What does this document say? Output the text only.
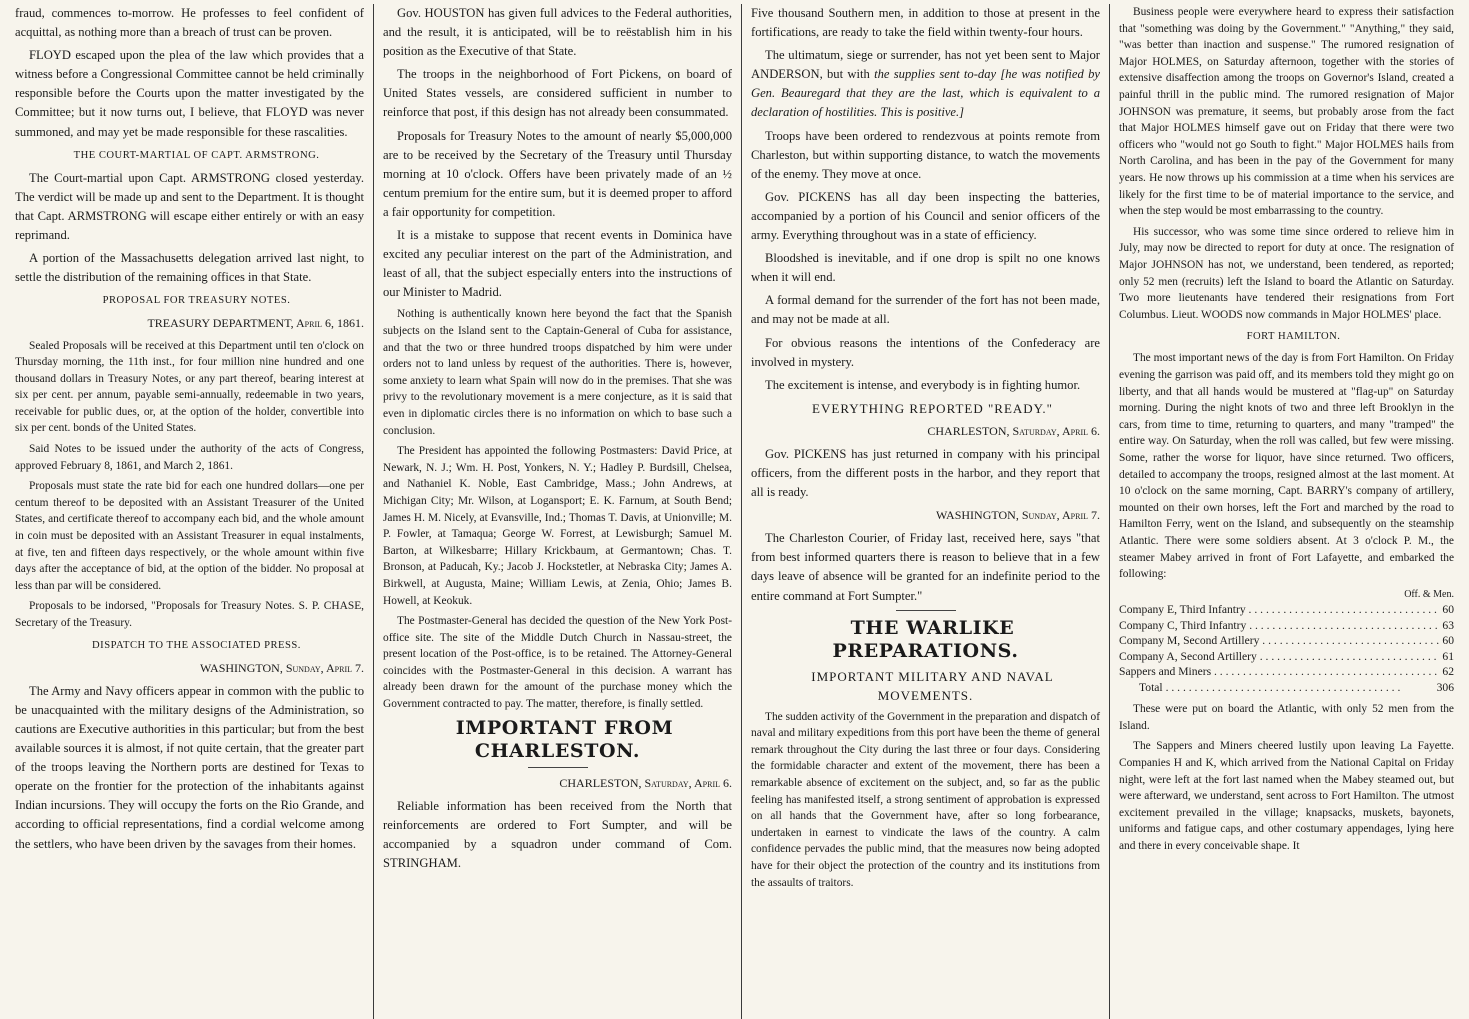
fraud, commences to-morrow. He professes to feel confident of acquittal, as nothing more than a breach of trust can be proven.

FLOYD escaped upon the plea of the law which provides that a witness before a Congressional Committee cannot be held criminally responsible before the Courts upon the matter investigated by the Committee; but it now turns out, I believe, that FLOYD was never summoned, and may yet be made responsible for these rascalities.

THE COURT-MARTIAL OF CAPT. ARMSTRONG.

The Court-martial upon Capt. ARMSTRONG closed yesterday. The verdict will be made up and sent to the Department. It is thought that Capt. ARMSTRONG will escape either entirely or with an easy reprimand.

A portion of the Massachusetts delegation arrived last night, to settle the distribution of the remaining offices in that State.

PROPOSAL FOR TREASURY NOTES.

TREASURY DEPARTMENT, April 6, 1861.

Sealed Proposals will be received at this Department until ten o'clock on Thursday morning, the 11th inst., for four million nine hundred and one thousand dollars in Treasury Notes, or any part thereof, bearing interest at six per cent. per annum, payable semi-annually, redeemable in two years, receivable for public dues, or, at the option of the holder, convertible into six per cent. bonds of the United States.

Said Notes to be issued under the authority of the acts of Congress, approved February 8, 1861, and March 2, 1861.

Proposals must state the rate bid for each one hundred dollars—one per centum thereof to be deposited with an Assistant Treasurer of the United States, and certificate thereof to accompany each bid, and the whole amount in coin must be deposited with an Assistant Treasurer in equal instalments, at five, ten and fifteen days respectively, or the whole amount within five days after the acceptance of bid, at the option of the bidder. No proposal at less than par will be considered.

Proposals to be indorsed, "Proposals for Treasury Notes. S. P. CHASE, Secretary of the Treasury.

DISPATCH TO THE ASSOCIATED PRESS.

WASHINGTON, Sunday, April 7.

The Army and Navy officers appear in common with the public to be unacquainted with the military designs of the Administration, so cautions are Executive authorities in this particular; but from the best available sources it is almost, if not quite certain, that the greater part of the troops leaving the Northern ports are destined for Texas to operate on the frontier for the protection of the inhabitants against Indian incursions. They will occupy the forts on the Rio Grande, and according to official representations, find a cordial welcome among the settlers, who have been driven by the savages from their homes.

Gov. HOUSTON has given full advices to the Federal authorities, and the result, it is anticipated, will be to reëstablish him in his position as the Executive of that State.

The troops in the neighborhood of Fort Pickens, on board of United States vessels, are considered sufficient in number to reinforce that post, if this design has not already been consummated.

Proposals for Treasury Notes to the amount of nearly $5,000,000 are to be received by the Secretary of the Treasury until Thursday morning at 10 o'clock. Offers have been privately made of an ½ centum premium for the entire sum, but it is deemed proper to afford a fair opportunity for competition.

It is a mistake to suppose that recent events in Dominica have excited any peculiar interest on the part of the Administration, and least of all, that the subject especially enters into the instructions of our Minister to Madrid.

Nothing is authentically known here beyond the fact that the Spanish subjects on the Island sent to the Captain-General of Cuba for assistance, and that the two or three hundred troops dispatched by him were under orders not to land unless by request of the authorities. There is, however, some anxiety to learn what Spain will now do in the premises. That she was privy to the revolutionary movement is a mere conjecture, as it is said that even in diplomatic circles there is no information on which to base such a conclusion.

The President has appointed the following Postmasters: David Price, at Newark, N. J.; Wm. H. Post, Yonkers, N. Y.; Hadley P. Burdsill, Chelsea, and Nathaniel K. Noble, East Cambridge, Mass.; John Andrews, at Michigan City; Mr. Wilson, at Logansport; E. K. Farnum, at South Bend; James H. M. Nicely, at Evansville, Ind.; Thomas T. Davis, at Unionville; M. P. Fowler, at Tamaqua; George W. Forrest, at Lewisburgh; Samuel M. Barton, at Wilkesbarre; Hillary Krickbaum, at Germantown; Chas. T. Bronson, at Paducah, Ky.; Jacob J. Hockstetler, at Nebraska City; James A. Birkwell, at Augusta, Maine; William Lewis, at Zenia, Ohio; James B. Howell, at Keokuk.

The Postmaster-General has decided the question of the New York Post-office site. The site of the Middle Dutch Church in Nassau-street, the present location of the Post-office, is to be retained. The Attorney-General coincides with the Postmaster-General in this decision. A warrant has already been drawn for the amount of the purchase money which the Government contracted to pay. The matter, therefore, is finally settled.

IMPORTANT FROM CHARLESTON.

CHARLESTON, Saturday, April 6.

Reliable information has been received from the North that reinforcements are ordered to Fort Sumpter, and will be accompanied by a squadron under command of Com. STRINGHAM.

Five thousand Southern men, in addition to those at present in the fortifications, are ready to take the field within twenty-four hours.

The ultimatum, siege or surrender, has not yet been sent to Major ANDERSON, but with the supplies sent to-day [he was notified by Gen. Beauregard that they are the last, which is equivalent to a declaration of hostilities. This is positive.]

Troops have been ordered to rendezvous at points remote from Charleston, but within supporting distance, to watch the movements of the enemy. They move at once.

Gov. PICKENS has all day been inspecting the batteries, accompanied by a portion of his Council and senior officers of the army. Everything throughout was in a state of efficiency.

Bloodshed is inevitable, and if one drop is spilt no one knows when it will end.

A formal demand for the surrender of the fort has not been made, and may not be made at all.

For obvious reasons the intentions of the Confederacy are involved in mystery.

The excitement is intense, and everybody is in fighting humor.

EVERYTHING REPORTED "READY."

CHARLESTON, Saturday, April 6.

Gov. PICKENS has just returned in company with his principal officers, from the different posts in the harbor, and they report that all is ready.

WASHINGTON, Sunday, April 7.

The Charleston Courier, of Friday last, received here, says "that from best informed quarters there is reason to believe that in a few days leave of absence will be granted for an indefinite period to the entire command at Fort Sumpter."

THE WARLIKE PREPARATIONS.

IMPORTANT MILITARY AND NAVAL MOVEMENTS.

The sudden activity of the Government in the preparation and dispatch of naval and military expeditions from this port have been the theme of general remark throughout the City during the last three or four days. Considering the formidable character and extent of the movement, there has been a remarkable absence of excitement on the subject, and, so far as the public feeling has manifested itself, a strong sentiment of approbation is expressed on all hands that the Government have, after so long forbearance, undertaken in earnest to vindicate the laws of the country. A calm confidence pervades the public mind, that the measures now being adopted have for their object the protection of the country and its institutions from the assaults of traitors.

Business people were everywhere heard to express their satisfaction that "something was doing by the Government." "Anything," they said, "was better than inaction and suspense." The rumored resignation of Major HOLMES, on Saturday afternoon, together with the stories of extensive disaffection among the troops on Governor's Island, created a painful thrill in the public mind. The rumored resignation of Major JOHNSON was premature, it seems, but probably arose from the fact that Major HOLMES himself gave out on Friday that there were two officers who "would not go South to fight." Major HOLMES hails from North Carolina, and has been in the pay of the Government for many years. He now throws up his commission at a time when his services are likely for the first time to be of material importance to the service, and when the step would be most embarrassing to the country.

His successor, who was some time since ordered to relieve him in July, may now be directed to report for duty at once. The resignation of Major JOHNSON has not, we understand, been tendered, as reported; only 52 men (recruits) left the Island to board the Atlantic on Saturday. Two more lieutenants have tendered their resignations from Fort Columbus. Lieut. WOODS now commands in Major HOLMES' place.

FORT HAMILTON.

The most important news of the day is from Fort Hamilton. On Friday evening the garrison was paid off, and its members told they might go on liberty, and that all hands would be mustered at "flag-up" on Saturday morning. During the night knots of two and three left Brooklyn in the cars, from time to time, returning to quarters, and many "tramped" the entire way. On Saturday, when the roll was called, but few were missing. Some, rather the worse for liquor, have since returned. Two officers, detailed to accompany the troops, resigned almost at the last moment. At 10 o'clock on the same morning, Capt. BARRY's company of artillery, mounted on their own horses, left the Fort and marched by the road to Hamilton Ferry, went on the Island, and subsequently on the steamship Atlantic. There were some soldiers absent. At 3 o'clock P. M., the steamer Mabey arrived in front of Fort Lafayette, and embarked the following:

Off. & Men.
Company E, Third Infantry . . .	60
Company C, Third Infantry . . .	63
Company M, Second Artillery . . .	60
Company A, Second Artillery . . .	61
Sappers and Miners . . .	62
Total . . .	306

These were put on board the Atlantic, with only 52 men from the Island.

The Sappers and Miners cheered lustily upon leaving La Fayette. Companies H and K, which arrived from the National Capital on Friday night, were left at the fort last named when the Mabey steamed out, but were afterward, we understand, sent across to Fort Hamilton. The utmost excitement prevailed in the village; knapsacks, muskets, bayonets, uniforms and fatigue caps, and other costumary appendages, lying here and there in every conceivable shape. It
